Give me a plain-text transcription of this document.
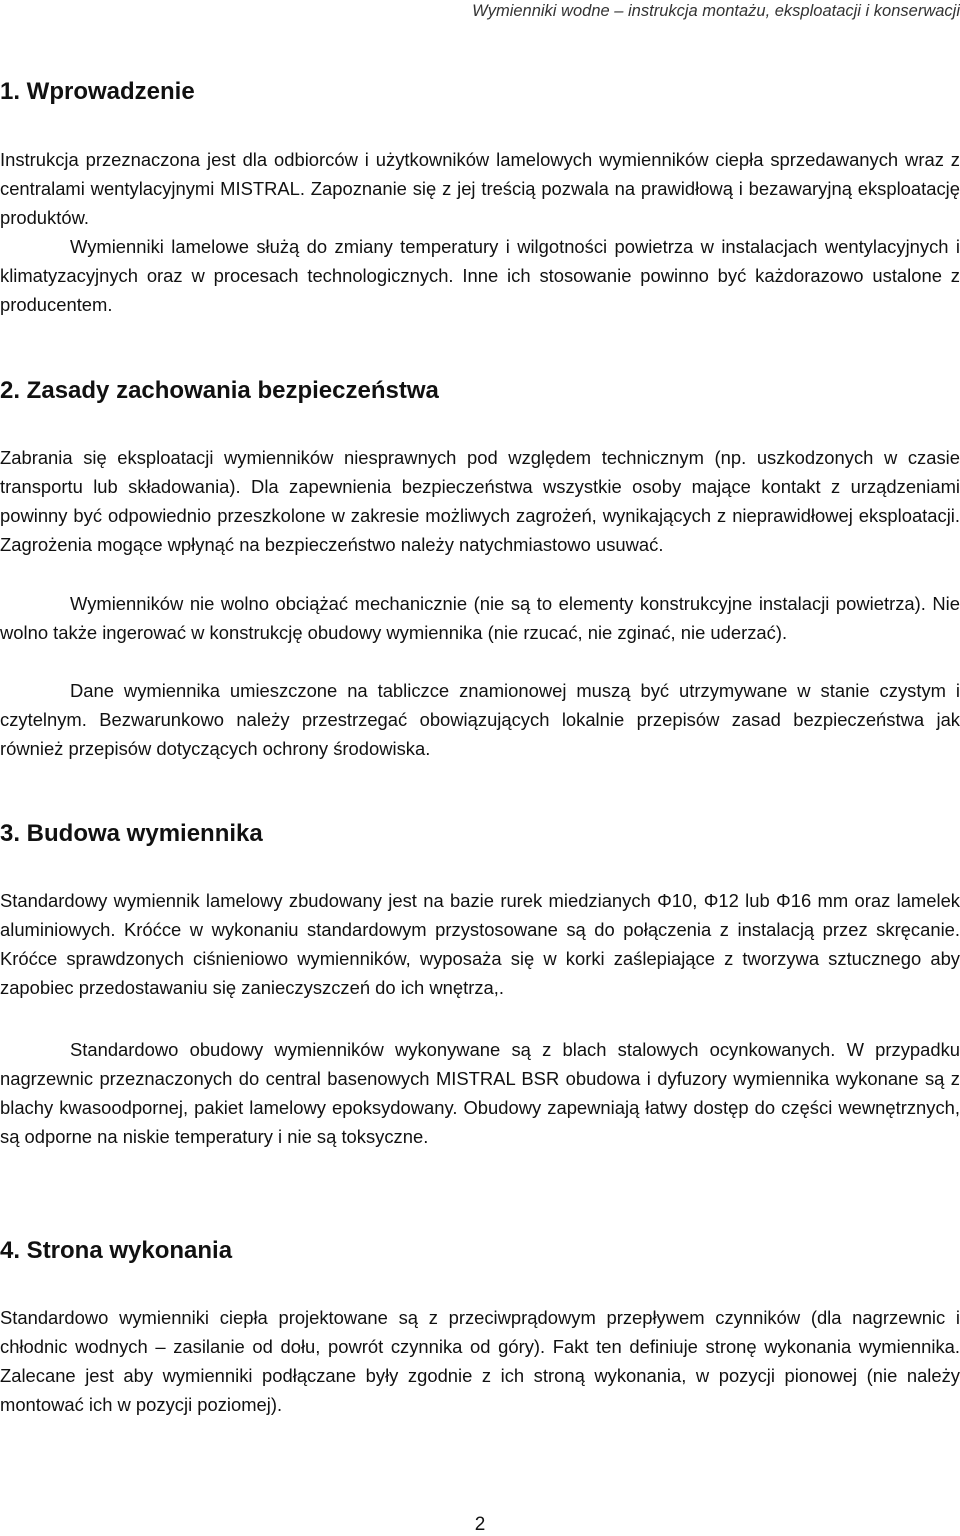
Wymienniki wodne – instrukcja montażu, eksploatacji i konserwacji
1. Wprowadzenie

Instrukcja przeznaczona jest dla odbiorców i użytkowników lamelowych wymienników ciepła sprzedawanych wraz z centralami wentylacyjnymi MISTRAL. Zapoznanie się z jej treścią pozwala na prawidłową i bezawaryjną eksploatację produktów.

Wymienniki lamelowe służą do zmiany temperatury i wilgotności powietrza w instalacjach wentylacyjnych i klimatyzacyjnych oraz w procesach technologicznych. Inne ich stosowanie powinno być każdorazowo ustalone z producentem.

2. Zasady zachowania bezpieczeństwa

Zabrania się eksploatacji wymienników niesprawnych pod względem technicznym (np. uszkodzonych w czasie transportu lub składowania). Dla zapewnienia bezpieczeństwa wszystkie osoby mające kontakt z urządzeniami powinny być odpowiednio przeszkolone w zakresie możliwych zagrożeń, wynikających z nieprawidłowej eksploatacji. Zagrożenia mogące wpłynąć na bezpieczeństwo należy natychmiastowo usuwać.

Wymienników nie wolno obciążać mechanicznie (nie są to elementy konstrukcyjne instalacji powietrza). Nie wolno także ingerować w konstrukcję obudowy wymiennika (nie rzucać, nie zginać, nie uderzać).

Dane wymiennika umieszczone na tabliczce znamionowej muszą być utrzymywane w stanie czystym i czytelnym. Bezwarunkowo należy przestrzegać obowiązujących lokalnie przepisów zasad bezpieczeństwa jak również przepisów dotyczących ochrony środowiska.

3. Budowa wymiennika

Standardowy wymiennik lamelowy zbudowany jest na bazie rurek miedzianych Φ10, Φ12 lub Φ16 mm oraz lamelek aluminiowych. Króćce w wykonaniu standardowym przystosowane są do połączenia z instalacją przez skręcanie. Króćce sprawdzonych ciśnieniowo wymienników, wyposaża się w korki zaślepiające z tworzywa sztucznego aby zapobiec przedostawaniu się zanieczyszczeń do ich wnętrza,.

Standardowo obudowy wymienników wykonywane są z blach stalowych ocynkowanych. W przypadku nagrzewnic przeznaczonych do central basenowych MISTRAL BSR obudowa i dyfuzory wymiennika wykonane są z blachy kwasoodpornej, pakiet lamelowy epoksydowany. Obudowy zapewniają łatwy dostęp do części wewnętrznych, są odporne na niskie temperatury i nie są toksyczne.

4. Strona wykonania

Standardowo wymienniki ciepła projektowane są z przeciwprądowym przepływem czynników (dla nagrzewnic i chłodnic wodnych – zasilanie od dołu, powrót czynnika od góry). Fakt ten definiuje stronę wykonania wymiennika. Zalecane jest aby wymienniki podłączane były zgodnie z ich stroną wykonania, w pozycji pionowej (nie należy montować ich w pozycji poziomej).

2
